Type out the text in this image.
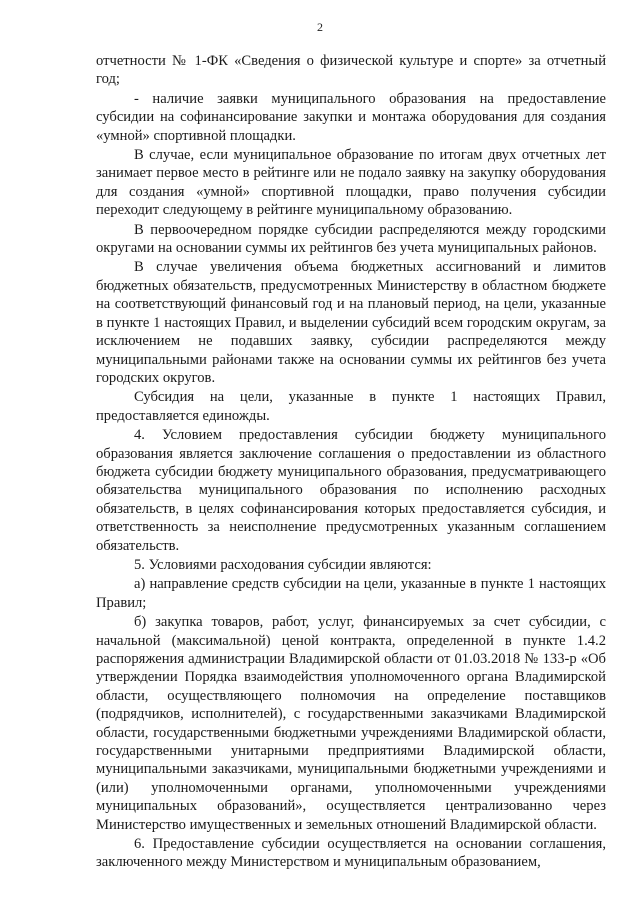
2

отчетности № 1-ФК «Сведения о физической культуре и спорте» за отчетный год;

- наличие заявки муниципального образования на предоставление субсидии на софинансирование закупки и монтажа оборудования для создания «умной» спортивной площадки.

В случае, если муниципальное образование по итогам двух отчетных лет занимает первое место в рейтинге или не подало заявку на закупку оборудования для создания «умной» спортивной площадки, право получения субсидии переходит следующему в рейтинге муниципальному образованию.

В первоочередном порядке субсидии распределяются между городскими округами на основании суммы их рейтингов без учета муниципальных районов.

В случае увеличения объема бюджетных ассигнований и лимитов бюджетных обязательств, предусмотренных Министерству в областном бюджете на соответствующий финансовый год и на плановый период, на цели, указанные в пункте 1 настоящих Правил, и выделении субсидий всем городским округам, за исключением не подавших заявку, субсидии распределяются между муниципальными районами также на основании суммы их рейтингов без учета городских округов.

Субсидия на цели, указанные в пункте 1 настоящих Правил, предоставляется единожды.

4. Условием предоставления субсидии бюджету муниципального образования является заключение соглашения о предоставлении из областного бюджета субсидии бюджету муниципального образования, предусматривающего обязательства муниципального образования по исполнению расходных обязательств, в целях софинансирования которых предоставляется субсидия, и ответственность за неисполнение предусмотренных указанным соглашением обязательств.

5. Условиями расходования субсидии являются:

а) направление средств субсидии на цели, указанные в пункте 1 настоящих Правил;

б) закупка товаров, работ, услуг, финансируемых за счет субсидии, с начальной (максимальной) ценой контракта, определенной в пункте 1.4.2 распоряжения администрации Владимирской области от 01.03.2018 № 133-р «Об утверждении Порядка взаимодействия уполномоченного органа Владимирской области, осуществляющего полномочия на определение поставщиков (подрядчиков, исполнителей), с государственными заказчиками Владимирской области, государственными бюджетными учреждениями Владимирской области, государственными унитарными предприятиями Владимирской области, муниципальными заказчиками, муниципальными бюджетными учреждениями и (или) уполномоченными органами, уполномоченными учреждениями муниципальных образований», осуществляется централизованно через Министерство имущественных и земельных отношений Владимирской области.

6. Предоставление субсидии осуществляется на основании соглашения, заключенного между Министерством и муниципальным образованием,
